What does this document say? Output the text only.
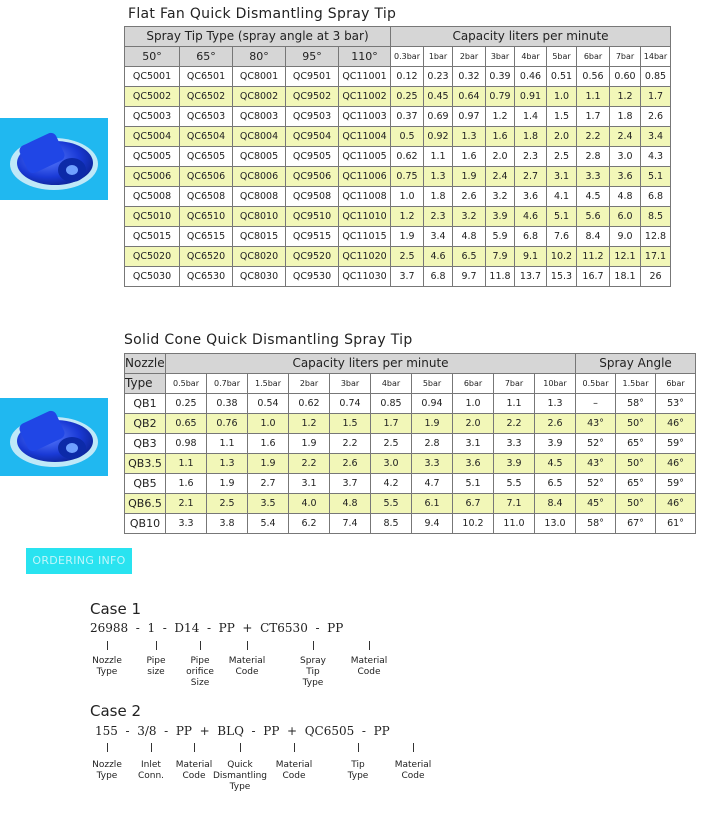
Flat Fan Quick Dismantling Spray Tip
Spray Tip Type (spray angle at 3 bar)					Capacity liters per minute								
50°	65°	80°	95°	110°	0.3bar	1bar	2bar	3bar	4bar	5bar	6bar	7bar	14bar
QC5001	QC6501	QC8001	QC9501	QC11001	0.12	0.23	0.32	0.39	0.46	0.51	0.56	0.60	0.85
QC5002	QC6502	QC8002	QC9502	QC11002	0.25	0.45	0.64	0.79	0.91	1.0	1.1	1.2	1.7
QC5003	QC6503	QC8003	QC9503	QC11003	0.37	0.69	0.97	1.2	1.4	1.5	1.7	1.8	2.6
QC5004	QC6504	QC8004	QC9504	QC11004	0.5	0.92	1.3	1.6	1.8	2.0	2.2	2.4	3.4
QC5005	QC6505	QC8005	QC9505	QC11005	0.62	1.1	1.6	2.0	2.3	2.5	2.8	3.0	4.3
QC5006	QC6506	QC8006	QC9506	QC11006	0.75	1.3	1.9	2.4	2.7	3.1	3.3	3.6	5.1
QC5008	QC6508	QC8008	QC9508	QC11008	1.0	1.8	2.6	3.2	3.6	4.1	4.5	4.8	6.8
QC5010	QC6510	QC8010	QC9510	QC11010	1.2	2.3	3.2	3.9	4.6	5.1	5.6	6.0	8.5
QC5015	QC6515	QC8015	QC9515	QC11015	1.9	3.4	4.8	5.9	6.8	7.6	8.4	9.0	12.8
QC5020	QC6520	QC8020	QC9520	QC11020	2.5	4.6	6.5	7.9	9.1	10.2	11.2	12.1	17.1
QC5030	QC6530	QC8030	QC9530	QC11030	3.7	6.8	9.7	11.8	13.7	15.3	16.7	18.1	26
Solid Cone Quick Dismantling Spray Tip
Nozzle	Capacity liters per minute										Spray Angle		
Type	0.5bar	0.7bar	1.5bar	2bar	3bar	4bar	5bar	6bar	7bar	10bar	0.5bar	1.5bar	6bar
QB1	0.25	0.38	0.54	0.62	0.74	0.85	0.94	1.0	1.1	1.3	–	58°	53°
QB2	0.65	0.76	1.0	1.2	1.5	1.7	1.9	2.0	2.2	2.6	43°	50°	46°
QB3	0.98	1.1	1.6	1.9	2.2	2.5	2.8	3.1	3.3	3.9	52°	65°	59°
QB3.5	1.1	1.3	1.9	2.2	2.6	3.0	3.3	3.6	3.9	4.5	43°	50°	46°
QB5	1.6	1.9	2.7	3.1	3.7	4.2	4.7	5.1	5.5	6.5	52°	65°	59°
QB6.5	2.1	2.5	3.5	4.0	4.8	5.5	6.1	6.7	7.1	8.4	45°	50°	46°
QB10	3.3	3.8	5.4	6.2	7.4	8.5	9.4	10.2	11.0	13.0	58°	67°	61°
ORDERING INFO
Case 1
26988  -  1  -  D14  -  PP  +  CT6530  -  PP
Nozzle
Type
Pipe
size
Pipe
orifice
Size
Material
Code
Spray
Tip
Type
Material
Code
Case 2
155  -  3/8  -  PP  +  BLQ  -  PP  +  QC6505  -  PP
Nozzle
Type
Inlet
Conn.
Material
Code
Quick
Dismantling
Type
Material
Code
Tip
Type
Material
Code
